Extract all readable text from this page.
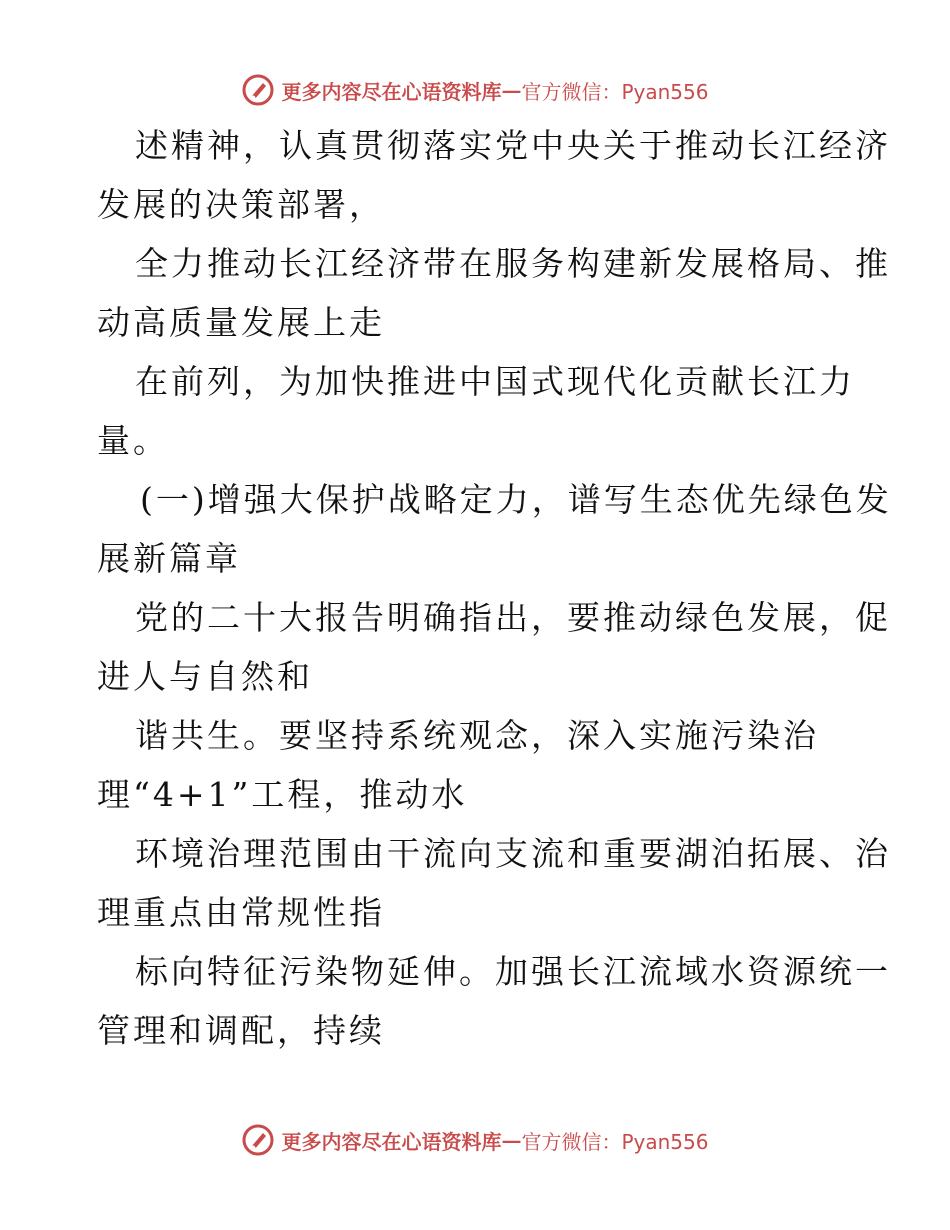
更多内容尽在心语资料库 — 官方微信：Pyan556
述精神，认真贯彻落实党中央关于推动长江经济
发展的决策部署，
全力推动长江经济带在服务构建新发展格局、推
动高质量发展上走
在前列，为加快推进中国式现代化贡献长江力
量。
(一)增强大保护战略定力，谱写生态优先绿色发
展新篇章
党的二十大报告明确指出，要推动绿色发展，促
进人与自然和
谐共生。要坚持系统观念，深入实施污染治
理“4+1”工程，推动水
环境治理范围由干流向支流和重要湖泊拓展、治
理重点由常规性指
标向特征污染物延伸。加强长江流域水资源统一
管理和调配，持续
更多内容尽在心语资料库 — 官方微信：Pyan556
